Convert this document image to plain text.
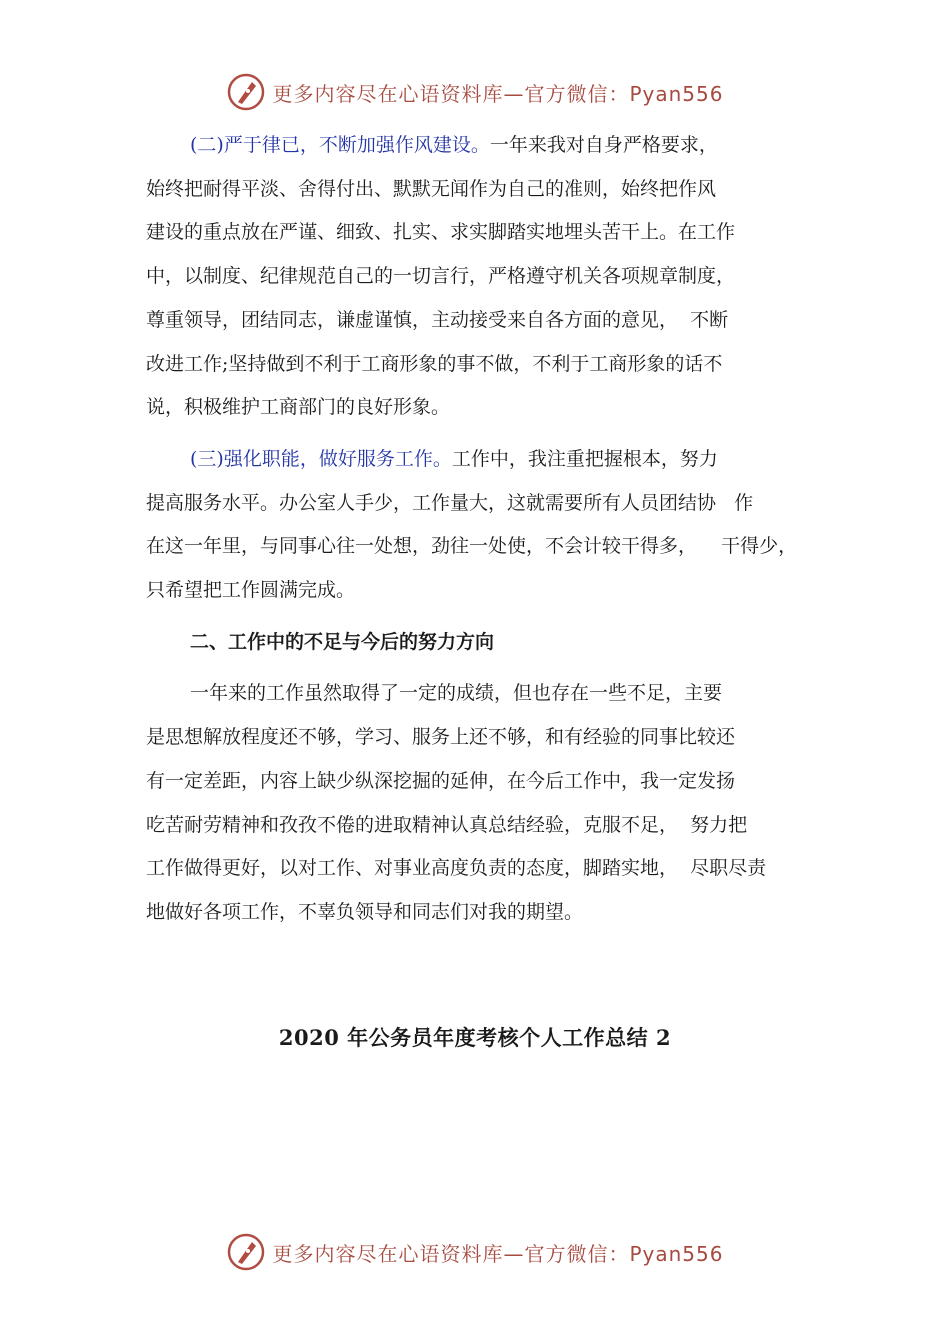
更多内容尽在心语资料库—官方微信：Pyan556
(二)严于律已，不断加强作风建设。一年来我对自身严格要求，
始终把耐得平淡、舍得付出、默默无闻作为自己的准则，始终把作风
建设的重点放在严谨、细致、扎实、求实脚踏实地埋头苦干上。在工作
中，以制度、纪律规范自己的一切言行，严格遵守机关各项规章制度，
尊重领导，团结同志，谦虚谨慎，主动接受来自各方面的意见，  不断
改进工作;坚持做到不利于工商形象的事不做，不利于工商形象的话不
说，积极维护工商部门的良好形象。
(三)强化职能，做好服务工作。工作中，我注重把握根本，努力
提高服务水平。办公室人手少，工作量大，这就需要所有人员团结协   作
在这一年里，与同事心往一处想，劲往一处使，不会计较干得多，    干得少，
只希望把工作圆满完成。
二、工作中的不足与今后的努力方向
一年来的工作虽然取得了一定的成绩，但也存在一些不足，主要
是思想解放程度还不够，学习、服务上还不够，和有经验的同事比较还
有一定差距，内容上缺少纵深挖掘的延伸，在今后工作中，我一定发扬
吃苦耐劳精神和孜孜不倦的进取精神认真总结经验，克服不足，  努力把
工作做得更好，以对工作、对事业高度负责的态度，脚踏实地，  尽职尽责
地做好各项工作，不辜负领导和同志们对我的期望。
2020 年公务员年度考核个人工作总结 2
更多内容尽在心语资料库—官方微信：Pyan556
